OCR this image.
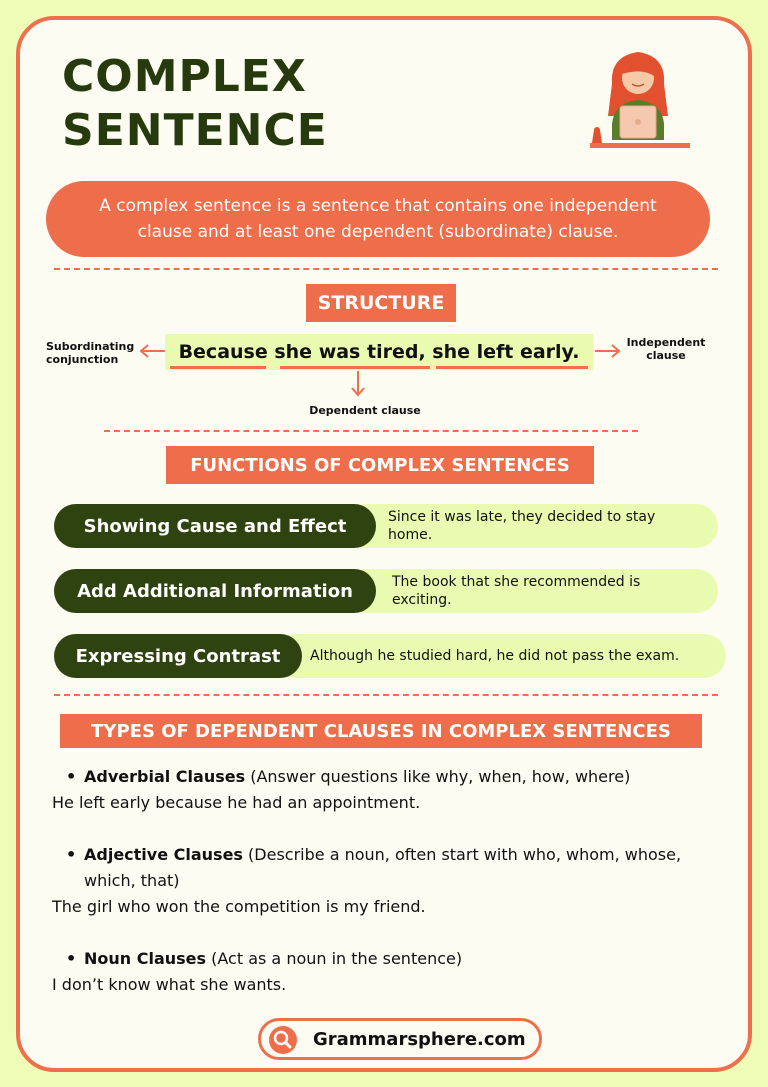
COMPLEX
SENTENCE
A complex sentence is a sentence that contains one independent clause and at least one dependent (subordinate) clause.
STRUCTURE
Subordinating conjunction	Because she was tired, she left early.	Independent clause
Dependent clause
FUNCTIONS OF COMPLEX SENTENCES
Showing Cause and Effect	Since it was late, they decided to stay home.
Add Additional Information	The book that she recommended is exciting.
Expressing Contrast	Although he studied hard, he did not pass the exam.
TYPES OF DEPENDENT CLAUSES IN COMPLEX SENTENCES
• Adverbial Clauses (Answer questions like why, when, how, where)
He left early because he had an appointment.
• Adjective Clauses (Describe a noun, often start with who, whom, whose, which, that)
The girl who won the competition is my friend.
• Noun Clauses (Act as a noun in the sentence)
I don’t know what she wants.
Grammarsphere.com
